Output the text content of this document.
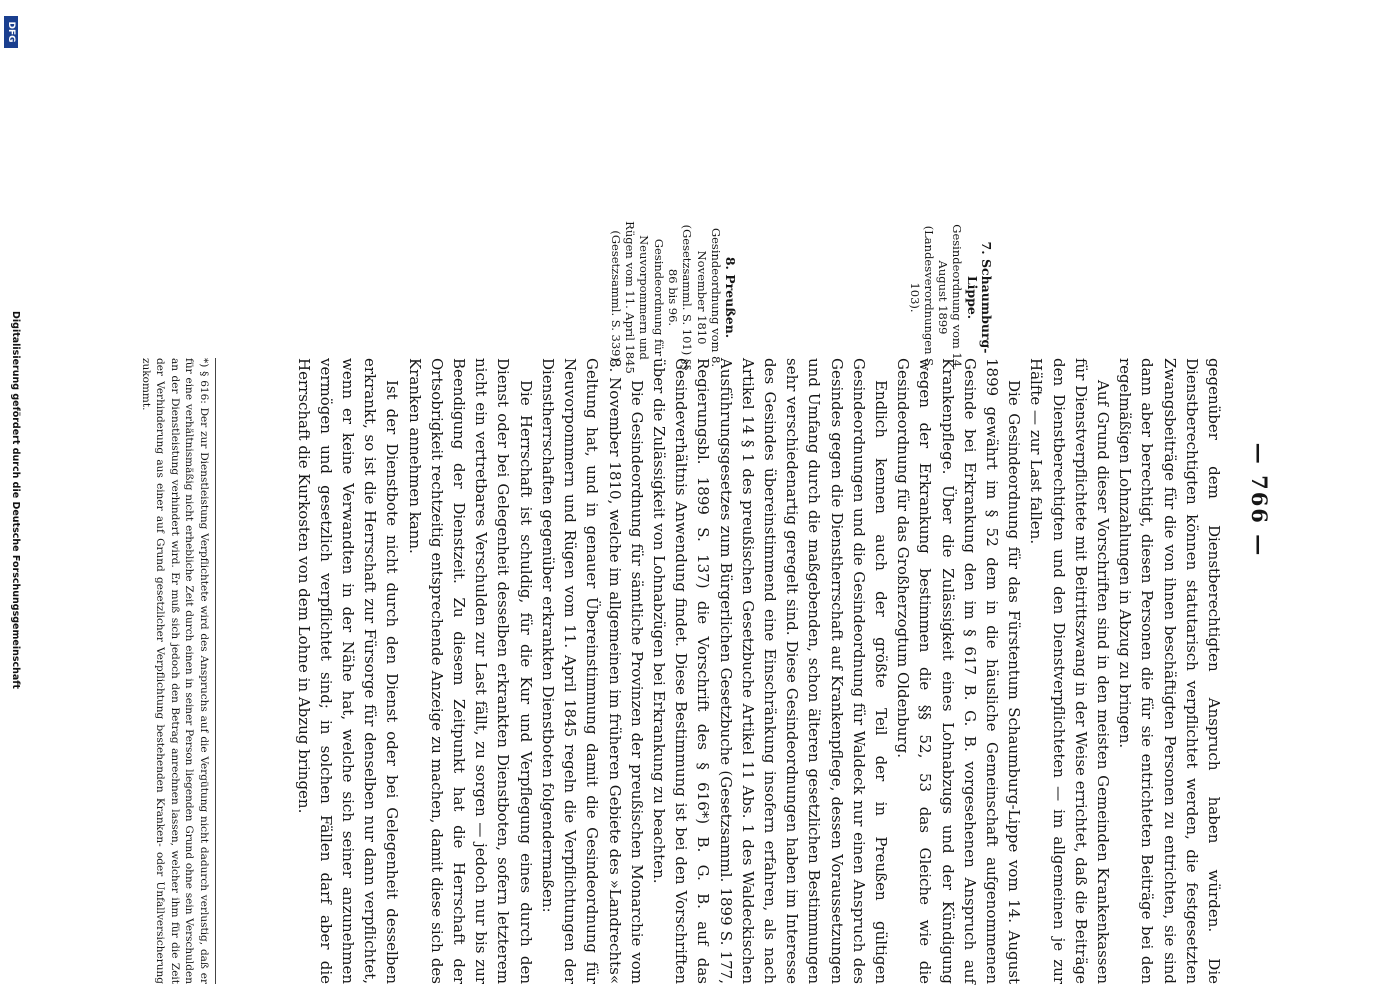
— 766 —
7. Schaumburg-Lippe.
Gesindeordnung vom 14. August 1899 (Landesverordnungen S. 103).
8. Preußen.
Gesindeordnung vom 8. November 1810 (Gesetzsamml. S. 101) §§ 86 bis 96. Gesindeordnung für Neuvorpommern und Rügen vom 11. April 1845 (Gesetzsamml. S. 339).

gegenüber dem Dienstberechtigten Anspruch haben würden. Die Dienstberechtigten können statutarisch verpflichtet werden, die festgesetzten Zwangsbeiträge für die von ihnen beschäftigten Personen zu entrichten, sie sind dann aber berechtigt, diesen Personen die für sie entrichteten Beiträge bei den regelmäßigen Lohnzahlungen in Abzug zu bringen.

Auf Grund dieser Vorschriften sind in den meisten Gemeinden Krankenkassen für Dienstverpflichtete mit Beitrittszwang in der Weise errichtet, daß die Beiträge den Dienstberechtigten und den Dienstverpflichteten — im allgemeinen je zur Hälfte — zur Last fallen.

Die Gesindeordnung für das Fürstentum Schaumburg-Lippe vom 14. August 1899 gewährt im § 52 dem in die häusliche Gemeinschaft aufgenommenen Gesinde bei Erkrankung den im § 617 B. G. B. vorgesehenen Anspruch auf Krankenpflege. Über die Zulässigkeit eines Lohnabzugs und der Kündigung wegen der Erkrankung bestimmen die §§ 52, 53 das Gleiche wie die Gesindeordnung für das Großherzogtum Oldenburg.

Endlich kennen auch der größte Teil der in Preußen gültigen Gesindeordnungen und die Gesindeordnung für Waldeck nur einen Anspruch des Gesindes gegen die Dienstherrschaft auf Krankenpflege, dessen Voraussetzungen und Umfang durch die maßgebenden, schon älteren gesetzlichen Bestimmungen sehr verschiedenartig geregelt sind. Diese Gesindeordnungen haben im Interesse des Gesindes übereinstimmend eine Einschränkung insofern erfahren, als nach Artikel 14 § 1 des preußischen Gesetzbuche Artikel 11 Abs. 1 des Waldeckischen Ausführungsgesetzes zum Bürgerlichen Gesetzbuche (Gesetzsamml. 1899 S. 177, Regierungsbl. 1899 S. 137) die Vorschrift des § 616*) B. G. B. auf das Gesindeverhältnis Anwendung findet. Diese Bestimmung ist bei den Vorschriften über die Zulässigkeit von Lohnabzügen bei Erkrankung zu beachten.

Die Gesindeordnung für sämtliche Provinzen der preußischen Monarchie vom 8. November 1810, welche im allgemeinen im früheren Gebiete des »Landrechts« Geltung hat, und in genauer Übereinstimmung damit die Gesindeordnung für Neuvorpommern und Rügen vom 11. April 1845 regeln die Verpflichtungen der Dienstherrschaften gegenüber erkrankten Dienstboten folgendermaßen:

Die Herrschaft ist schuldig, für die Kur und Verpflegung eines durch den Dienst oder bei Gelegenheit desselben erkrankten Dienstboten, sofern letzterem nicht ein vertretbares Verschulden zur Last fällt, zu sorgen — jedoch nur bis zur Beendigung der Dienstzeit. Zu diesem Zeitpunkt hat die Herrschaft der Ortsobrigkeit rechtzeitig entsprechende Anzeige zu machen, damit diese sich des Kranken annehmen kann.

Ist der Dienstbote nicht durch den Dienst oder bei Gelegenheit desselben erkrankt, so ist die Herrschaft zur Fürsorge für denselben nur dann verpflichtet, wenn er keine Verwandten in der Nähe hat, welche sich seiner anzunehmen vermögen und gesetzlich verpflichtet sind; in solchen Fällen darf aber die Herrschaft die Kurkosten von dem Lohne in Abzug bringen.

*) § 616: Der zur Dienstleistung Verpflichtete wird des Anspruchs auf die Vergütung nicht dadurch verlustig, daß er für eine verhältnismäßig nicht erhebliche Zeit durch einen in seiner Person liegenden Grund ohne sein Verschulden an der Dienstleistung verhindert wird. Er muß sich jedoch den Betrag anrechnen lassen, welcher ihm für die Zeit der Verhinderung aus einer auf Grund gesetzlicher Verpflichtung bestehenden Kranken- oder Unfallversicherung zukommt.
Digitalisierung gefördert durch die Deutsche Forschungsgemeinschaft
DFG
